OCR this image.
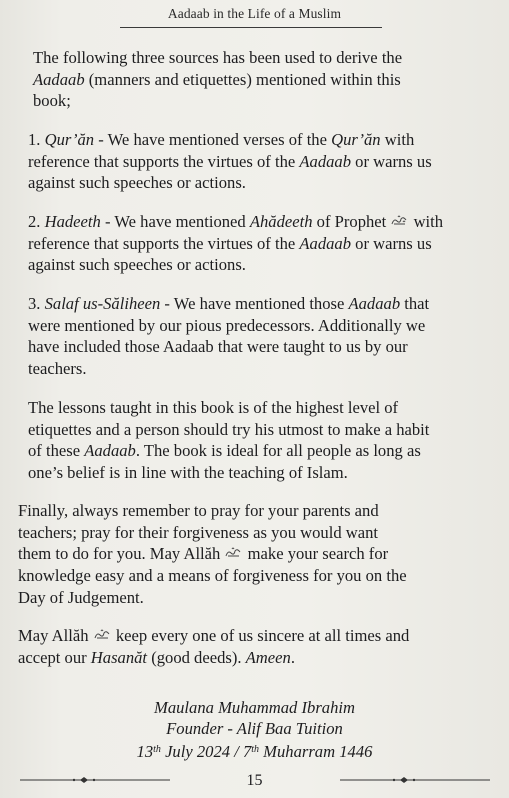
Aadaab in the Life of a Muslim

The following three sources has been used to derive the

Aadaab (manners and etiquettes) mentioned within this

book;

1. Qur’ăn - We have mentioned verses of the Qur’ăn with

reference that supports the virtues of the Aadaab or warns us

against such speeches or actions.

2. Hadeeth - We have mentioned Ahădeeth of Prophet
with

reference that supports the virtues of the Aadaab or warns us

against such speeches or actions.

3. Salaf us-Săliheen - We have mentioned those Aadaab that

were mentioned by our pious predecessors. Additionally we

have included those Aadaab that were taught to us by our

teachers.

The lessons taught in this book is of the highest level of

etiquettes and a person should try his utmost to make a habit

of these Aadaab. The book is ideal for all people as long as

one’s belief is in line with the teaching of Islam.

Finally, always remember to pray for your parents and

teachers; pray for their forgiveness as you would want

them to do for you. May Allăh
make your search for

knowledge easy and a means of forgiveness for you on the

Day of Judgement.

May Allăh
keep every one of us sincere at all times and

accept our Hasanăt (good deeds). Ameen.

Maulana Muhammad Ibrahim
Founder - Alif Baa Tuition
13th July 2024 / 7th Muharram 1446
15
